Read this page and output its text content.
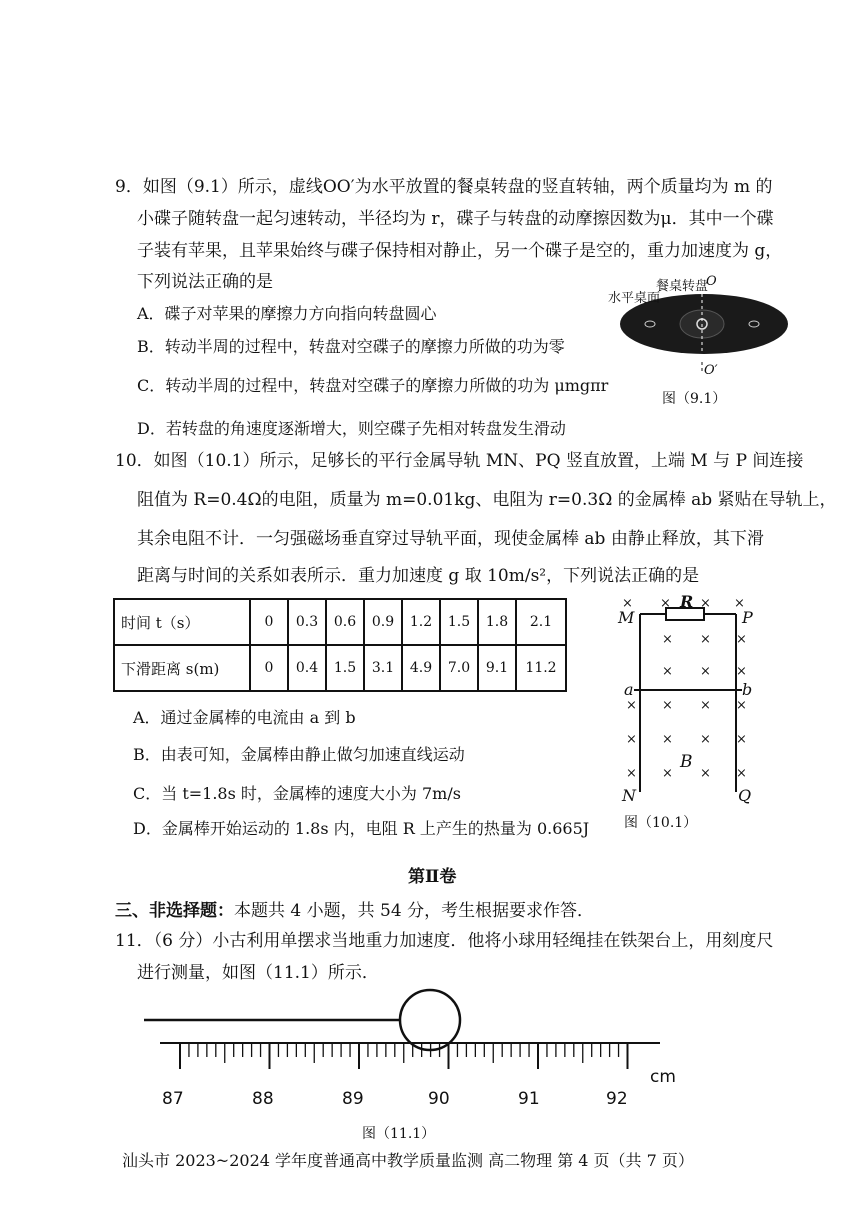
9．如图（9.1）所示，虚线OO′为水平放置的餐桌转盘的竖直转轴，两个质量均为 m 的
小碟子随转盘一起匀速转动，半径均为 r，碟子与转盘的动摩擦因数为μ．其中一个碟
子装有苹果，且苹果始终与碟子保持相对静止，另一个碟子是空的，重力加速度为 g，
下列说法正确的是
A．碟子对苹果的摩擦力方向指向转盘圆心
B．转动半周的过程中，转盘对空碟子的摩擦力所做的功为零
C．转动半周的过程中，转盘对空碟子的摩擦力所做的功为 μmgπr
D．若转盘的角速度逐渐增大，则空碟子先相对转盘发生滑动
水平桌面
餐桌转盘
O
O′
图（9.1）
10．如图（10.1）所示，足够长的平行金属导轨 MN、PQ 竖直放置，上端 M 与 P 间连接
阻值为 R=0.4Ω的电阻，质量为 m=0.01kg、电阻为 r=0.3Ω 的金属棒 ab 紧贴在导轨上，
其余电阻不计．一匀强磁场垂直穿过导轨平面，现使金属棒 ab 由静止释放，其下滑
距离与时间的关系如表所示．重力加速度 g 取 10m/s²，下列说法正确的是
时间 t（s）	0	0.3	0.6	0.9	1.2	1.5	1.8	2.1
下滑距离 s(m)	0	0.4	1.5	3.1	4.9	7.0	9.1	11.2
A．通过金属棒的电流由 a 到 b
B．由表可知，金属棒由静止做匀加速直线运动
C．当 t=1.8s 时，金属棒的速度大小为 7m/s
D．金属棒开始运动的 1.8s 内，电阻 R 上产生的热量为 0.665J
× × × ×
R
M	P
× × ×
× × ×
a	b
× × × ×
× × × ×
× × × ×
B
N	Q
图（10.1）
第Ⅱ卷
三、非选择题：本题共 4 小题，共 54 分，考生根据要求作答．
11．（6 分）小古利用单摆求当地重力加速度．他将小球用轻绳挂在铁架台上，用刻度尺
进行测量，如图（11.1）所示．
87	88	89	90	91	92
cm
图（11.1）
汕头市 2023~2024 学年度普通高中教学质量监测 高二物理 第 4 页（共 7 页）
